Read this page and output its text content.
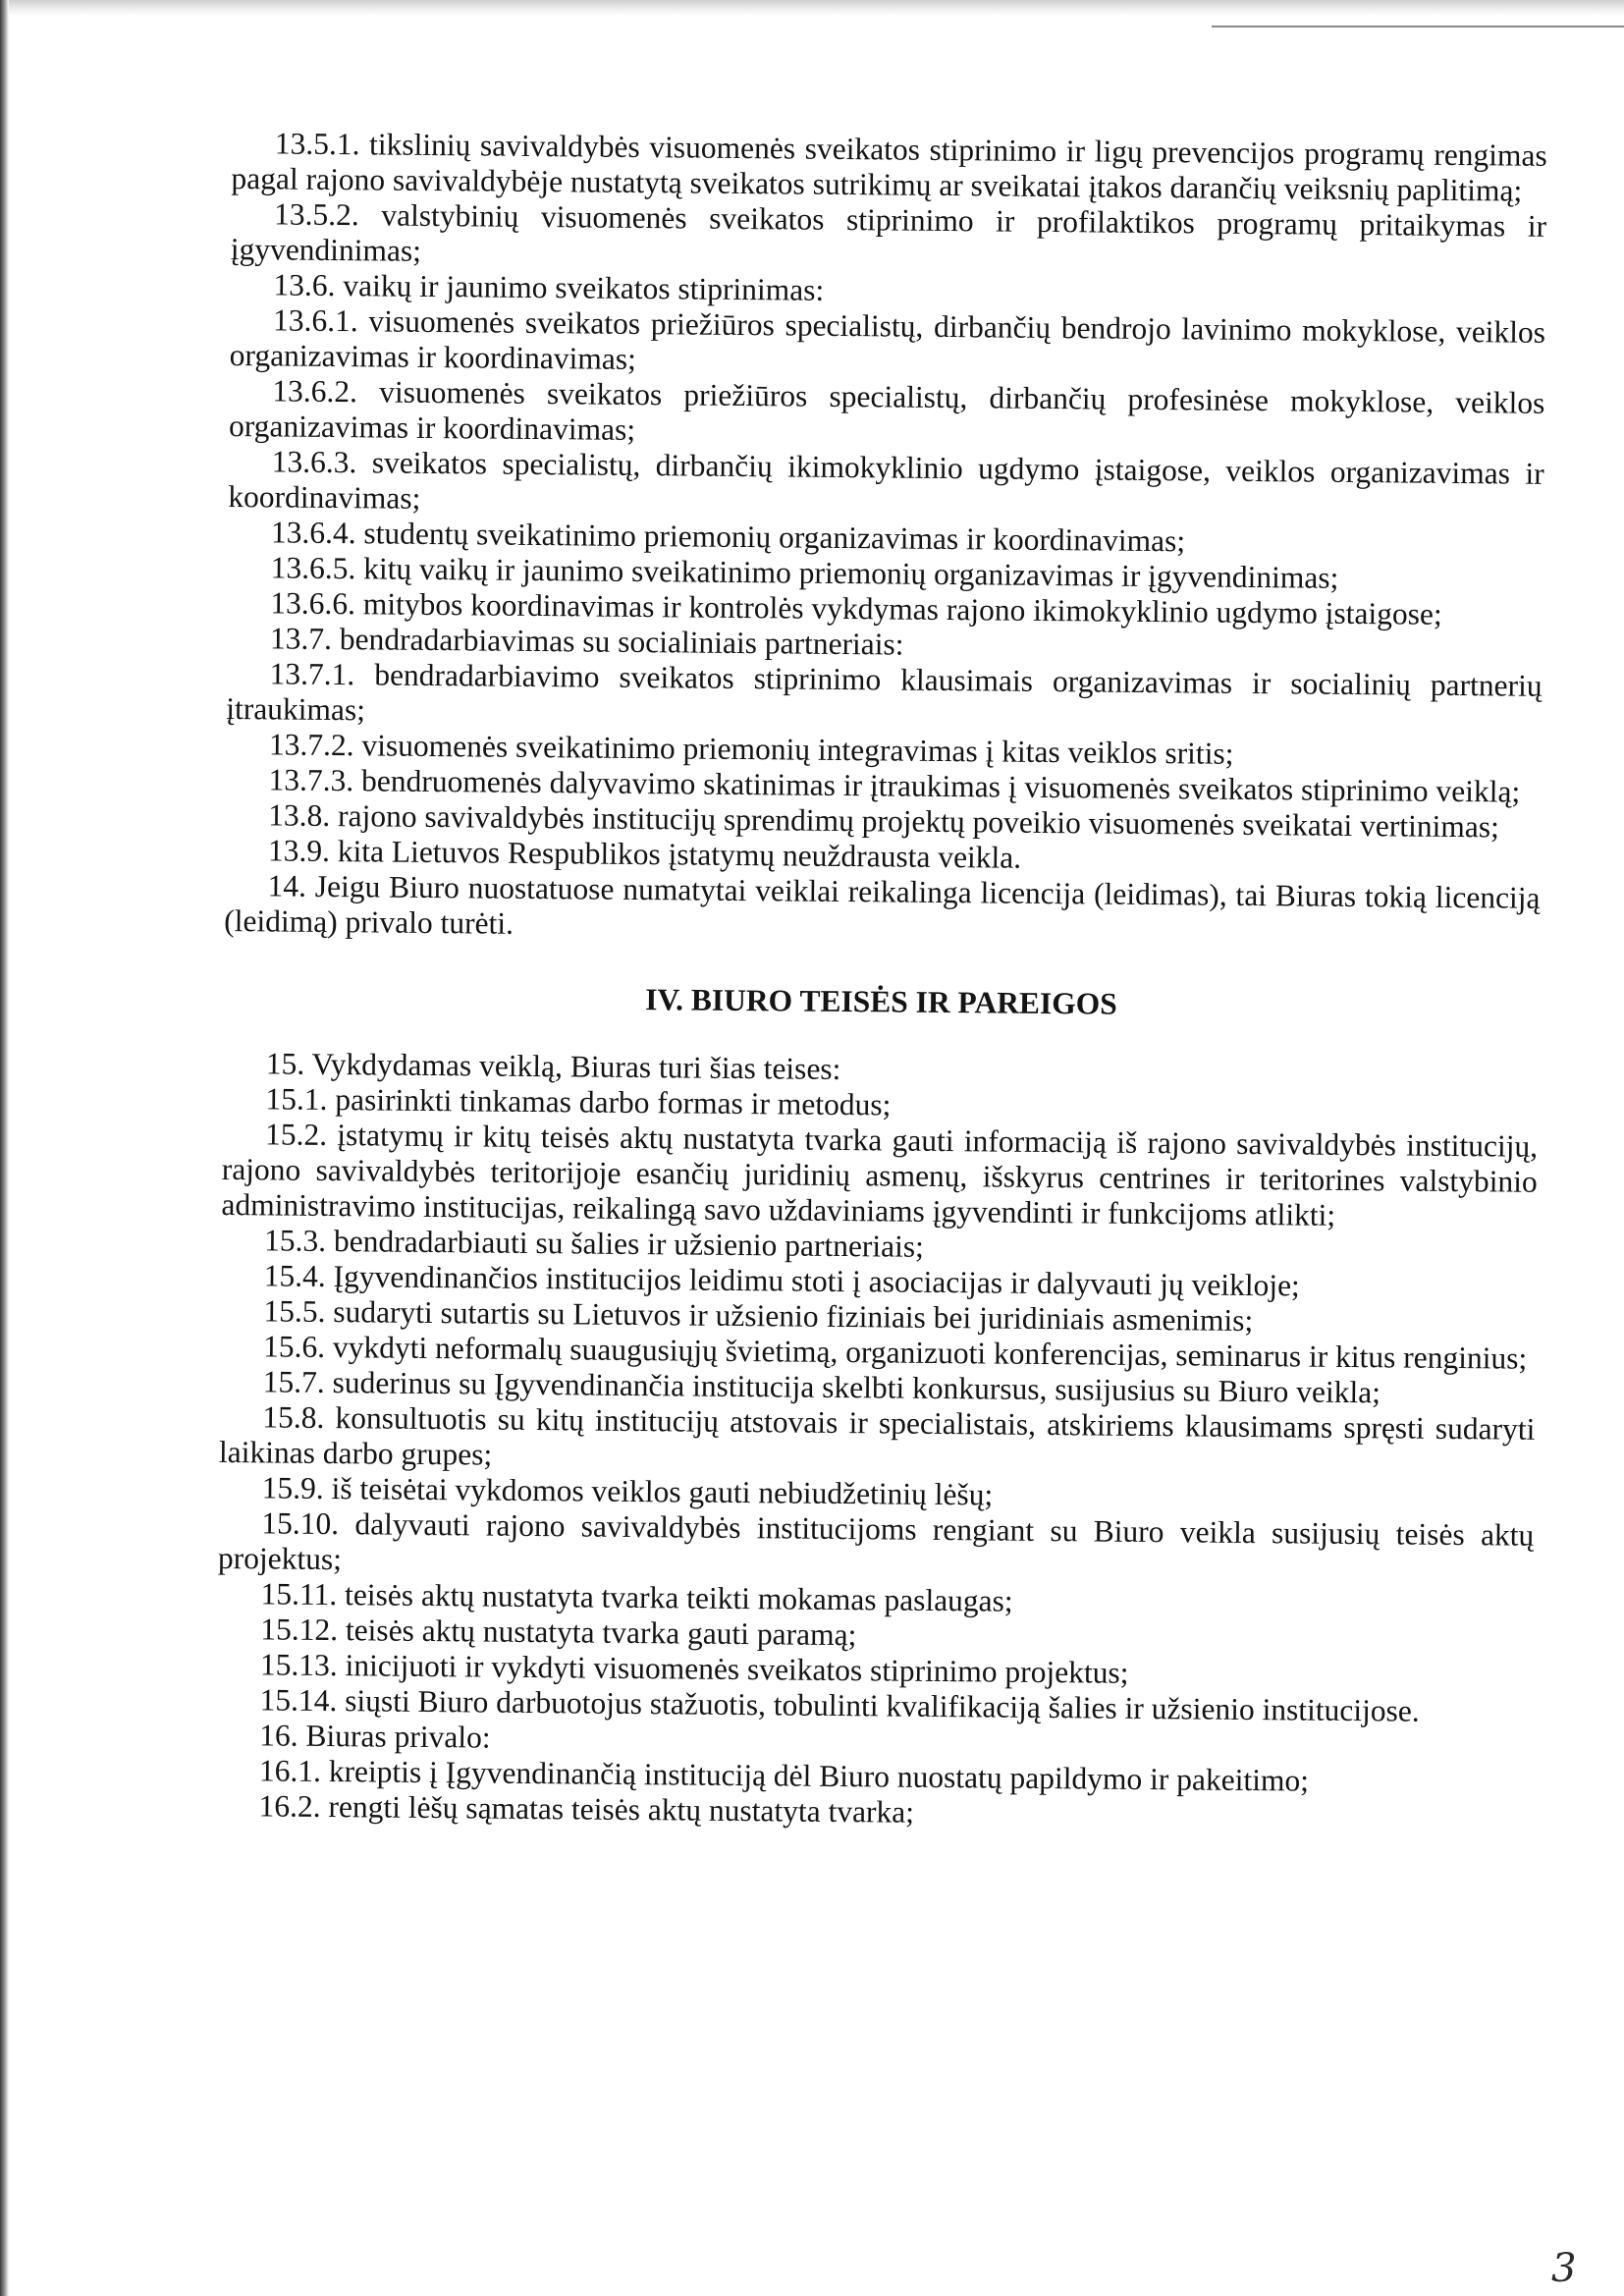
13.5.1. tikslinių savivaldybės visuomenės sveikatos stiprinimo ir ligų prevencijos programų rengimas pagal rajono savivaldybėje nustatytą sveikatos sutrikimų ar sveikatai įtakos darančių veiksnių paplitimą;

13.5.2. valstybinių visuomenės sveikatos stiprinimo ir profilaktikos programų pritaikymas ir įgyvendinimas;

13.6. vaikų ir jaunimo sveikatos stiprinimas:

13.6.1. visuomenės sveikatos priežiūros specialistų, dirbančių bendrojo lavinimo mokyklose, veiklos organizavimas ir koordinavimas;

13.6.2. visuomenės sveikatos priežiūros specialistų, dirbančių profesinėse mokyklose, veiklos organizavimas ir koordinavimas;

13.6.3. sveikatos specialistų, dirbančių ikimokyklinio ugdymo įstaigose, veiklos organizavimas ir koordinavimas;

13.6.4. studentų sveikatinimo priemonių organizavimas ir koordinavimas;

13.6.5. kitų vaikų ir jaunimo sveikatinimo priemonių organizavimas ir įgyvendinimas;

13.6.6. mitybos koordinavimas ir kontrolės vykdymas rajono ikimokyklinio ugdymo įstaigose;

13.7. bendradarbiavimas su socialiniais partneriais:

13.7.1. bendradarbiavimo sveikatos stiprinimo klausimais organizavimas ir socialinių partnerių įtraukimas;

13.7.2. visuomenės sveikatinimo priemonių integravimas į kitas veiklos sritis;

13.7.3. bendruomenės dalyvavimo skatinimas ir įtraukimas į visuomenės sveikatos stiprinimo veiklą;

13.8. rajono savivaldybės institucijų sprendimų projektų poveikio visuomenės sveikatai vertinimas;

13.9. kita Lietuvos Respublikos įstatymų neuždrausta veikla.

14. Jeigu Biuro nuostatuose numatytai veiklai reikalinga licencija (leidimas), tai Biuras tokią licenciją (leidimą) privalo turėti.

IV. BIURO TEISĖS IR PAREIGOS

15. Vykdydamas veiklą, Biuras turi šias teises:

15.1. pasirinkti tinkamas darbo formas ir metodus;

15.2. įstatymų ir kitų teisės aktų nustatyta tvarka gauti informaciją iš rajono savivaldybės institucijų, rajono savivaldybės teritorijoje esančių juridinių asmenų, išskyrus centrines ir teritorines valstybinio administravimo institucijas, reikalingą savo uždaviniams įgyvendinti ir funkcijoms atlikti;

15.3. bendradarbiauti su šalies ir užsienio partneriais;

15.4. Įgyvendinančios institucijos leidimu stoti į asociacijas ir dalyvauti jų veikloje;

15.5. sudaryti sutartis su Lietuvos ir užsienio fiziniais bei juridiniais asmenimis;

15.6. vykdyti neformalų suaugusiųjų švietimą, organizuoti konferencijas, seminarus ir kitus renginius;

15.7. suderinus su Įgyvendinančia institucija skelbti konkursus, susijusius su Biuro veikla;

15.8. konsultuotis su kitų institucijų atstovais ir specialistais, atskiriems klausimams spręsti sudaryti laikinas darbo grupes;

15.9. iš teisėtai vykdomos veiklos gauti nebiudžetinių lėšų;

15.10. dalyvauti rajono savivaldybės institucijoms rengiant su Biuro veikla susijusių teisės aktų projektus;

15.11. teisės aktų nustatyta tvarka teikti mokamas paslaugas;

15.12. teisės aktų nustatyta tvarka gauti paramą;

15.13. inicijuoti ir vykdyti visuomenės sveikatos stiprinimo projektus;

15.14. siųsti Biuro darbuotojus stažuotis, tobulinti kvalifikaciją šalies ir užsienio institucijose.

16. Biuras privalo:

16.1. kreiptis į Įgyvendinančią instituciją dėl Biuro nuostatų papildymo ir pakeitimo;

16.2. rengti lėšų sąmatas teisės aktų nustatyta tvarka;

3
